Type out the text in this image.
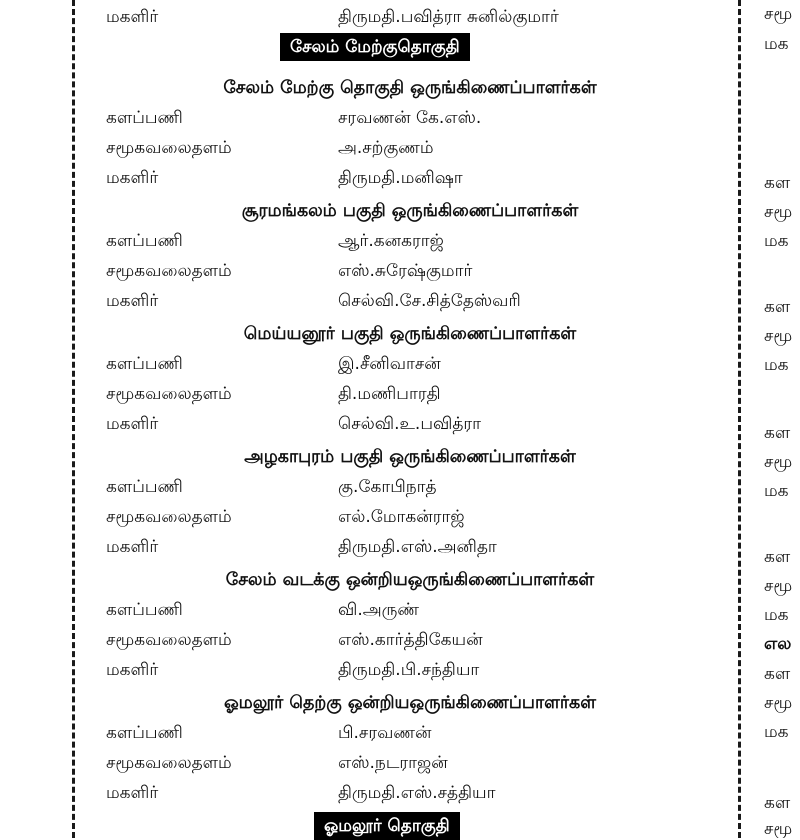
மகளிர்	திருமதி.பவித்ரா சுனில்குமார்
சேலம் மேற்குதொகுதி
சேலம் மேற்கு தொகுதி ஒருங்கிணைப்பாளர்கள்
களப்பணி	சரவணன் கே.எஸ்.
சமூகவலைதளம்	அ.சற்குணம்
மகளிர்	திருமதி.மனிஷா
சூரமங்கலம் பகுதி ஒருங்கிணைப்பாளர்கள்
களப்பணி	ஆர்.கனகராஜ்
சமூகவலைதளம்	எஸ்.சுரேஷ்குமார்
மகளிர்	செல்வி.சே.சித்தேஸ்வரி
மெய்யனூர் பகுதி ஒருங்கிணைப்பாளர்கள்
களப்பணி	இ.சீனிவாசன்
சமூகவலைதளம்	தி.மணிபாரதி
மகளிர்	செல்வி.உ.பவித்ரா
அழகாபுரம் பகுதி ஒருங்கிணைப்பாளர்கள்
களப்பணி	கு.கோபிநாத்
சமூகவலைதளம்	எல்.மோகன்ராஜ்
மகளிர்	திருமதி.எஸ்.அனிதா
சேலம் வடக்கு ஒன்றியஒருங்கிணைப்பாளர்கள்
களப்பணி	வி.அருண்
சமூகவலைதளம்	எஸ்.கார்த்திகேயன்
மகளிர்	திருமதி.பி.சந்தியா
ஓமலூர் தெற்கு ஒன்றியஒருங்கிணைப்பாளர்கள்
களப்பணி	பி.சரவணன்
சமூகவலைதளம்	எஸ்.நடராஜன்
மகளிர்	திருமதி.எஸ்.சத்தியா
ஓமலூர் தொகுதி
சமூ
மக
கள
சமூ
மக
கள
சமூ
மக
கள
சமூ
மக
கள
சமூ
மக
எல
கள
சமூ
மக
கள
சமூ
